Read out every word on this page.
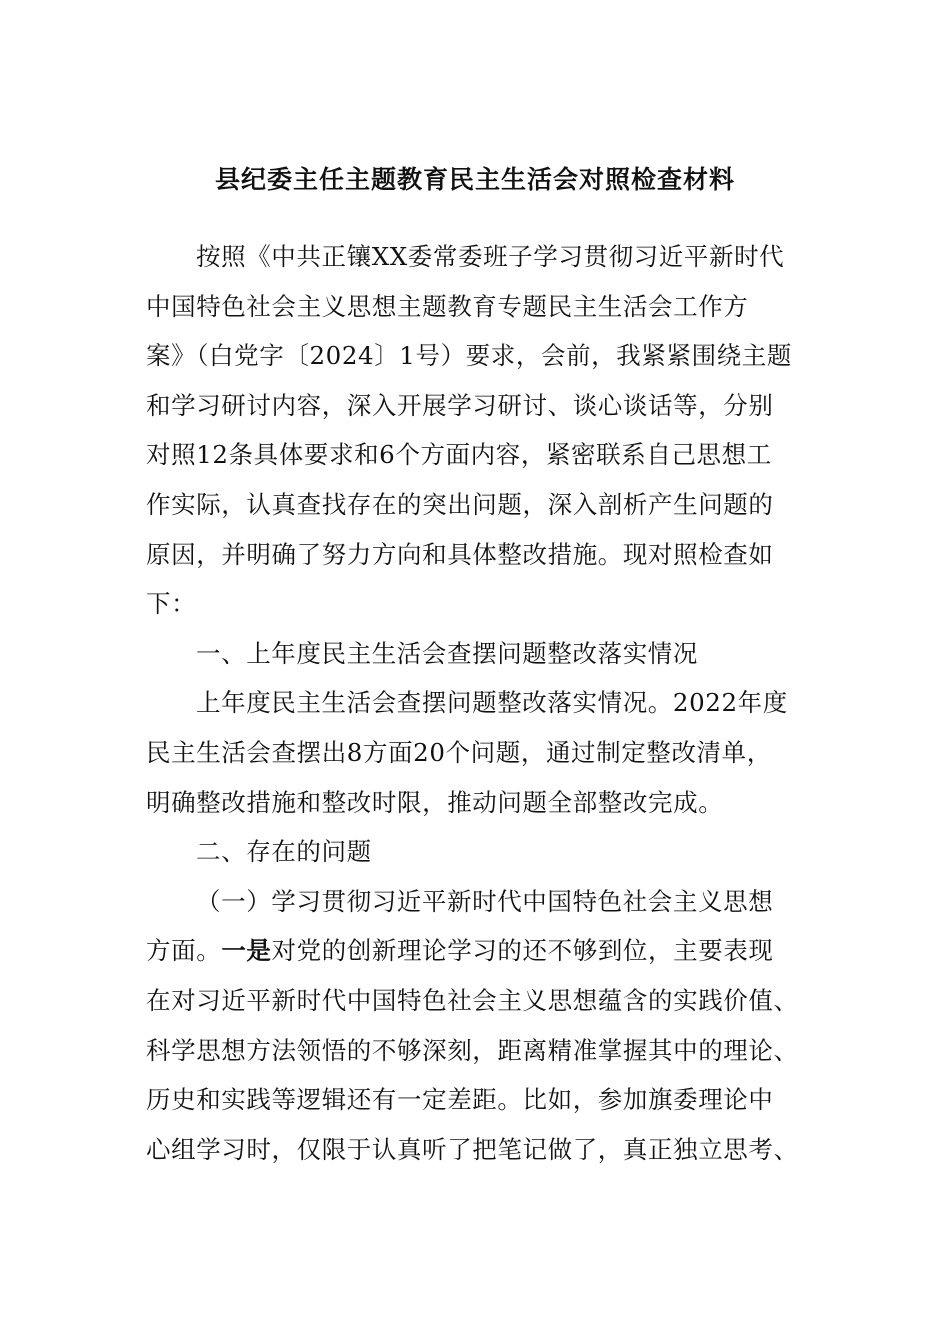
县纪委主任主题教育民主生活会对照检查材料
按照《中共正镶XX委常委班子学习贯彻习近平新时代
中国特色社会主义思想主题教育专题民主生活会工作方
案》（白党字〔2024〕1号）要求，会前，我紧紧围绕主题
和学习研讨内容，深入开展学习研讨、谈心谈话等，分别
对照12条具体要求和6个方面内容，紧密联系自己思想工
作实际，认真查找存在的突出问题，深入剖析产生问题的
原因，并明确了努力方向和具体整改措施。现对照检查如
下：
一、上年度民主生活会查摆问题整改落实情况
上年度民主生活会查摆问题整改落实情况。2022年度
民主生活会查摆出8方面20个问题，通过制定整改清单，
明确整改措施和整改时限，推动问题全部整改完成。
二、存在的问题
（一）学习贯彻习近平新时代中国特色社会主义思想
方面。一是对党的创新理论学习的还不够到位，主要表现
在对习近平新时代中国特色社会主义思想蕴含的实践价值、
科学思想方法领悟的不够深刻，距离精准掌握其中的理论、
历史和实践等逻辑还有一定差距。比如，参加旗委理论中
心组学习时，仅限于认真听了把笔记做了，真正独立思考、
